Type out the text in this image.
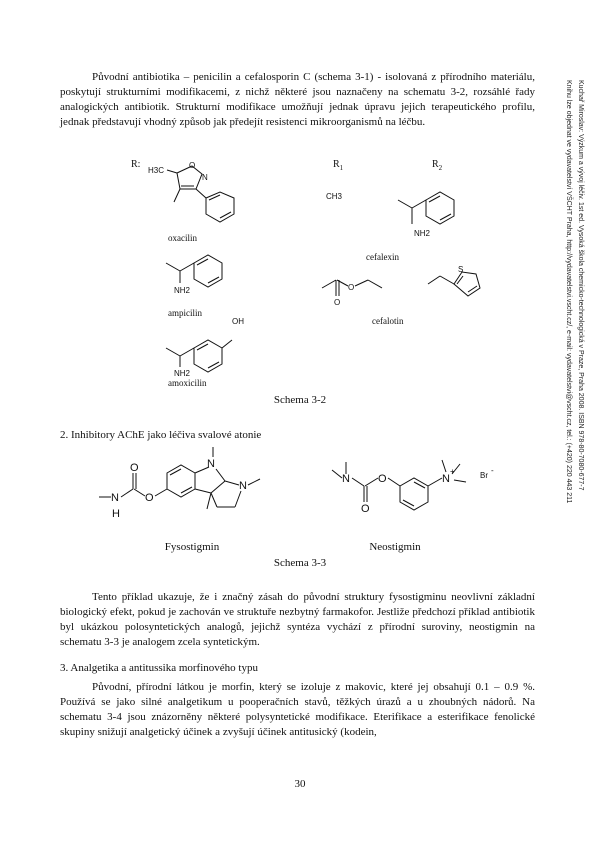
Kuchař Miroslav: Výzkum a vývoj léčiv. 1st ed. Vysoká škola chemicko-technologická v Praze, Praha 2008. ISBN 978-80-7080-677-7
Knihu lze objednat ve vydavatelství VŠCHT Praha, http://vydavatelstvi.vscht.cz/, e-mail: vydavatelstvi@vscht.cz, tel.: (+420) 220 443 211

Původní antibiotika – penicilin a cefalosporin C (schema 3-1) - isolovaná z přírodního materiálu, poskytují strukturními modifikacemi, z nichž některé jsou naznačeny na schematu 3-2, rozsáhlé řady analogických antibiotik. Strukturní modifikace umožňují jednak úpravu jejich terapeutického profilu, jednak představují vhodný způsob jak předejít resistenci mikroorganismů na léčbu.

R:	$R_1$	$R_2$
H3C
O
N
oxacilin
NH2
ampicilin
OH
NH2
amoxicilin
CH3
NH2
cefalexin
O
O
S
cefalotin
Schema 3-2
2. Inhibitory AChE jako léčiva svalové atonie
N
H
O
O
N
N
N
O
O	N
+	Br
-
Fysostigmin	Neostigmin
Schema 3-3

Tento příklad ukazuje, že i značný zásah do původní struktury fysostigminu neovlivní základní biologický efekt, pokud je zachován ve struktuře nezbytný farmakofor. Jestliže předchozí příklad antibiotik byl ukázkou polosyntetických analogů, jejichž syntéza vychází z přírodní suroviny, neostigmin na schematu 3-3 je analogem zcela syntetickým.

3. Analgetika a antitussika morfinového typu

Původní, přírodní látkou je morfin, který se izoluje z makovic, které jej obsahují 0.1 – 0.9 %. Používá se jako silné analgetikum u pooperačních stavů, těžkých úrazů a u zhoubných nádorů. Na schematu 3-4 jsou znázorněny některé polysyntetické modifikace. Eterifikace a esterifikace fenolické skupiny snižují analgetický účinek a zvyšují účinek antitusický (kodein,

30
